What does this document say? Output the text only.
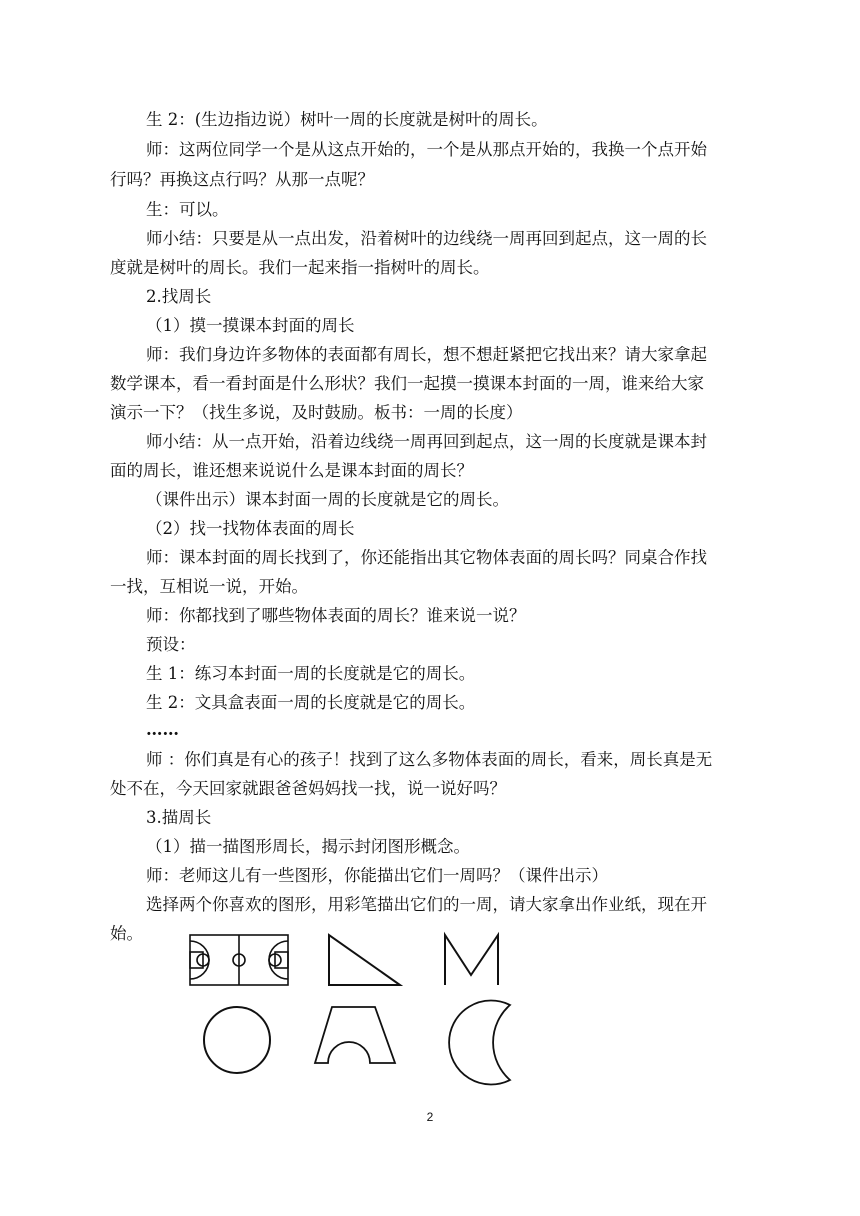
生 2：(生边指边说）树叶一周的长度就是树叶的周长。
师：这两位同学一个是从这点开始的，一个是从那点开始的，我换一个点开始
行吗？再换这点行吗？从那一点呢？
生：可以。
师小结：只要是从一点出发，沿着树叶的边线绕一周再回到起点，这一周的长
度就是树叶的周长。我们一起来指一指树叶的周长。
2.找周长
（1）摸一摸课本封面的周长
师：我们身边许多物体的表面都有周长，想不想赶紧把它找出来？请大家拿起
数学课本，看一看封面是什么形状？我们一起摸一摸课本封面的一周，谁来给大家
演示一下？（找生多说，及时鼓励。板书：一周的长度）
师小结：从一点开始，沿着边线绕一周再回到起点，这一周的长度就是课本封
面的周长，谁还想来说说什么是课本封面的周长？
（课件出示）课本封面一周的长度就是它的周长。
（2）找一找物体表面的周长
师：课本封面的周长找到了，你还能指出其它物体表面的周长吗？同桌合作找
一找，互相说一说，开始。
师：你都找到了哪些物体表面的周长？谁来说一说？
预设：
生 1：练习本封面一周的长度就是它的周长。
生 2：文具盒表面一周的长度就是它的周长。
……
师 ：你们真是有心的孩子！找到了这么多物体表面的周长，看来，周长真是无
处不在，今天回家就跟爸爸妈妈找一找，说一说好吗？
3.描周长
（1）描一描图形周长，揭示封闭图形概念。
师：老师这儿有一些图形，你能描出它们一周吗？（课件出示）
选择两个你喜欢的图形，用彩笔描出它们的一周，请大家拿出作业纸，现在开
始。
2
